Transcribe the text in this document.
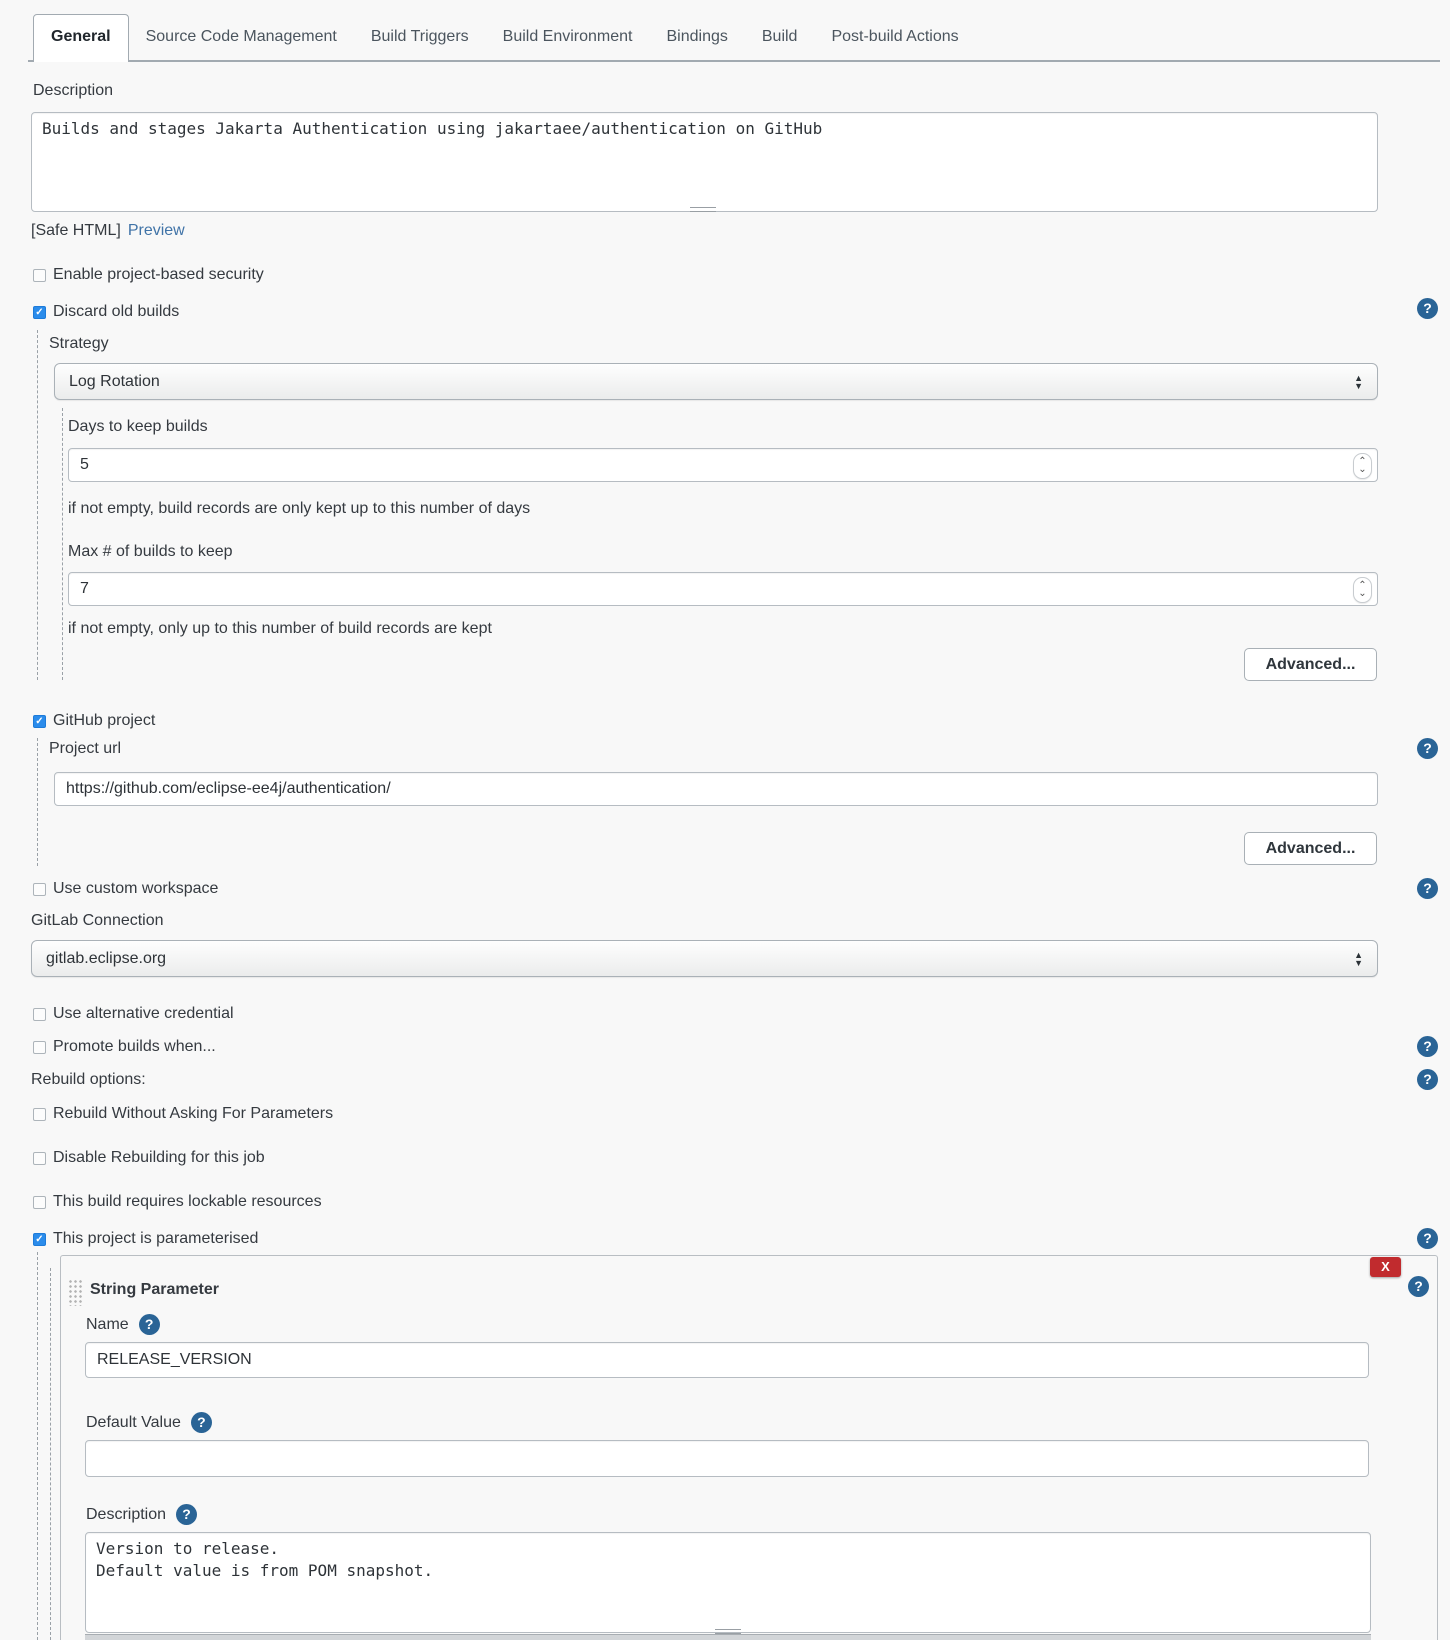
General	Source Code Management	Build Triggers	Build Environment	Bindings	Build	Post-build Actions
Description
Builds and stages Jakarta Authentication using jakartaee/authentication on GitHub
[Safe HTML] Preview
Enable project-based security
✓ Discard old builds	?
Strategy
Log Rotation	▲
▼
Days to keep builds
5
⌃
⌄
if not empty, build records are only kept up to this number of days
Max # of builds to keep
7
⌃
⌄
if not empty, only up to this number of build records are kept
Advanced...
✓ GitHub project
Project url	?
https://github.com/eclipse-ee4j/authentication/
Advanced...
Use custom workspace	?
GitLab Connection
gitlab.eclipse.org	▲
▼
Use alternative credential
Promote builds when...	?
Rebuild options:	?
Rebuild Without Asking For Parameters
Disable Rebuilding for this job
This build requires lockable resources
✓ This project is parameterised	?
X
?
String Parameter
Name	?
RELEASE_VERSION
Default Value	?
Description	?
Version to release. Default value is from POM snapshot.
